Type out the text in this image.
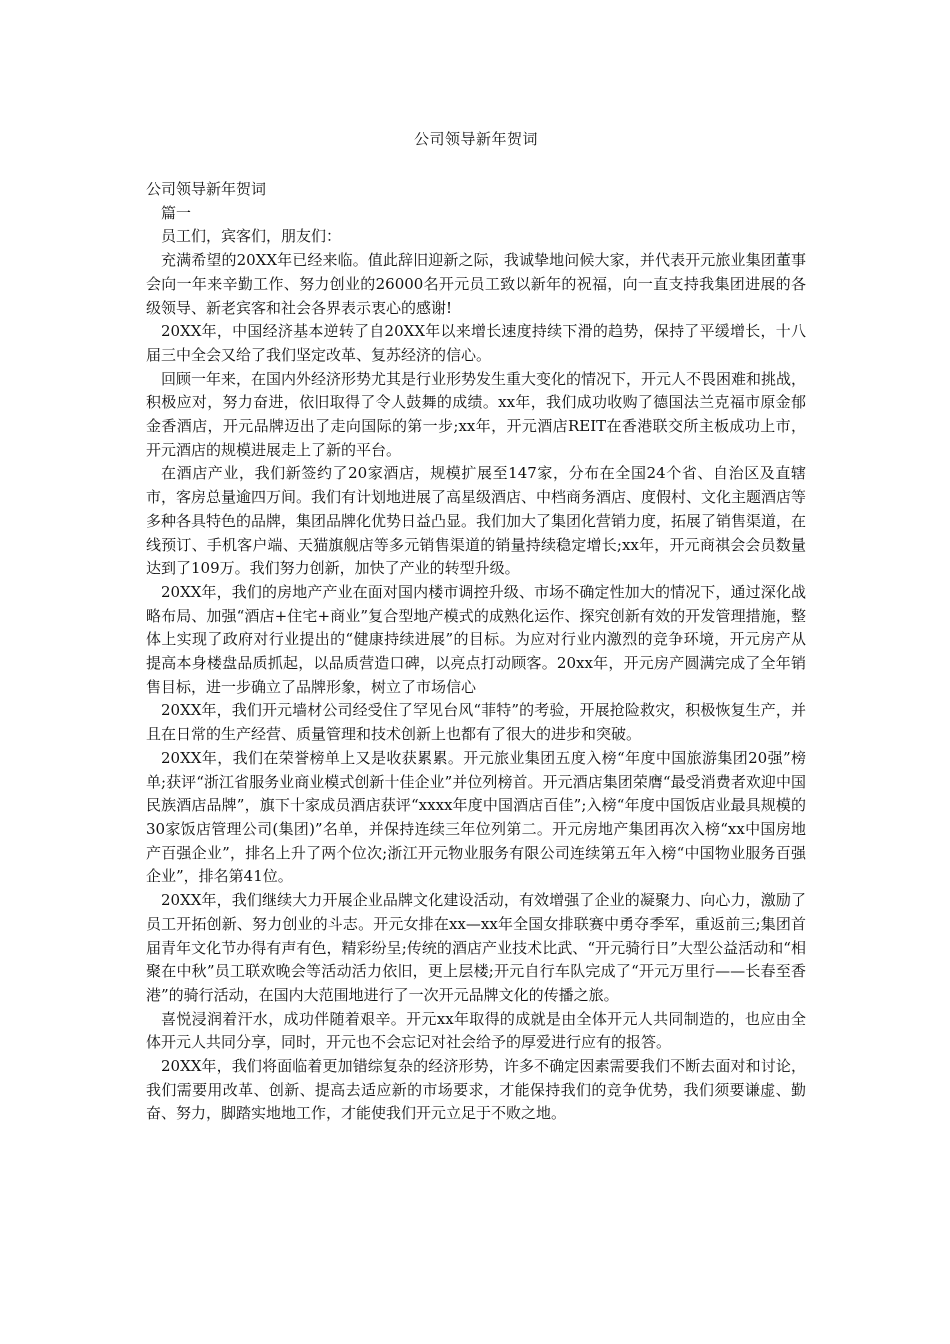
公司领导新年贺词

公司领导新年贺词

篇一

员工们，宾客们，朋友们：

充满希望的20XX年已经来临。值此辞旧迎新之际，我诚挚地问候大家，并代表开元旅业集团董事会向一年来辛勤工作、努力创业的26000名开元员工致以新年的祝福，向一直支持我集团进展的各级领导、新老宾客和社会各界表示衷心的感谢!

20XX年，中国经济基本逆转了自20XX年以来增长速度持续下滑的趋势，保持了平缓增长，十八届三中全会又给了我们坚定改革、复苏经济的信心。

回顾一年来，在国内外经济形势尤其是行业形势发生重大变化的情况下，开元人不畏困难和挑战，积极应对，努力奋进，依旧取得了令人鼓舞的成绩。xx年，我们成功收购了德国法兰克福市原金郁金香酒店，开元品牌迈出了走向国际的第一步;xx年，开元酒店REIT在香港联交所主板成功上市，开元酒店的规模进展走上了新的平台。

在酒店产业，我们新签约了20家酒店，规模扩展至147家，分布在全国24个省、自治区及直辖市，客房总量逾四万间。我们有计划地进展了高星级酒店、中档商务酒店、度假村、文化主题酒店等多种各具特色的品牌，集团品牌化优势日益凸显。我们加大了集团化营销力度，拓展了销售渠道，在线预订、手机客户端、天猫旗舰店等多元销售渠道的销量持续稳定增长;xx年，开元商祺会会员数量达到了109万。我们努力创新，加快了产业的转型升级。

20XX年，我们的房地产产业在面对国内楼市调控升级、市场不确定性加大的情况下，通过深化战略布局、加强“酒店+住宅+商业”复合型地产模式的成熟化运作、探究创新有效的开发管理措施，整体上实现了政府对行业提出的“健康持续进展”的目标。为应对行业内激烈的竞争环境，开元房产从提高本身楼盘品质抓起，以品质营造口碑，以亮点打动顾客。20xx年，开元房产圆满完成了全年销售目标，进一步确立了品牌形象，树立了市场信心

20XX年，我们开元墙材公司经受住了罕见台风“菲特”的考验，开展抢险救灾，积极恢复生产，并且在日常的生产经营、质量管理和技术创新上也都有了很大的进步和突破。

20XX年，我们在荣誉榜单上又是收获累累。开元旅业集团五度入榜“年度中国旅游集团20强”榜单;获评“浙江省服务业商业模式创新十佳企业”并位列榜首。开元酒店集团荣膺“最受消费者欢迎中国民族酒店品牌”，旗下十家成员酒店获评“xxxx年度中国酒店百佳”;入榜“年度中国饭店业最具规模的30家饭店管理公司(集团)”名单，并保持连续三年位列第二。开元房地产集团再次入榜“xx中国房地产百强企业”，排名上升了两个位次;浙江开元物业服务有限公司连续第五年入榜“中国物业服务百强企业”，排名第41位。

20XX年，我们继续大力开展企业品牌文化建设活动，有效增强了企业的凝聚力、向心力，激励了员工开拓创新、努力创业的斗志。开元女排在xx—xx年全国女排联赛中勇夺季军，重返前三;集团首届青年文化节办得有声有色，精彩纷呈;传统的酒店产业技术比武、“开元骑行日”大型公益活动和“相聚在中秋”员工联欢晚会等活动活力依旧，更上层楼;开元自行车队完成了“开元万里行——长春至香港”的骑行活动，在国内大范围地进行了一次开元品牌文化的传播之旅。

喜悦浸润着汗水，成功伴随着艰辛。开元xx年取得的成就是由全体开元人共同制造的，也应由全体开元人共同分享，同时，开元也不会忘记对社会给予的厚爱进行应有的报答。

20XX年，我们将面临着更加错综复杂的经济形势，许多不确定因素需要我们不断去面对和讨论，我们需要用改革、创新、提高去适应新的市场要求，才能保持我们的竞争优势，我们须要谦虚、勤奋、努力，脚踏实地地工作，才能使我们开元立足于不败之地。
